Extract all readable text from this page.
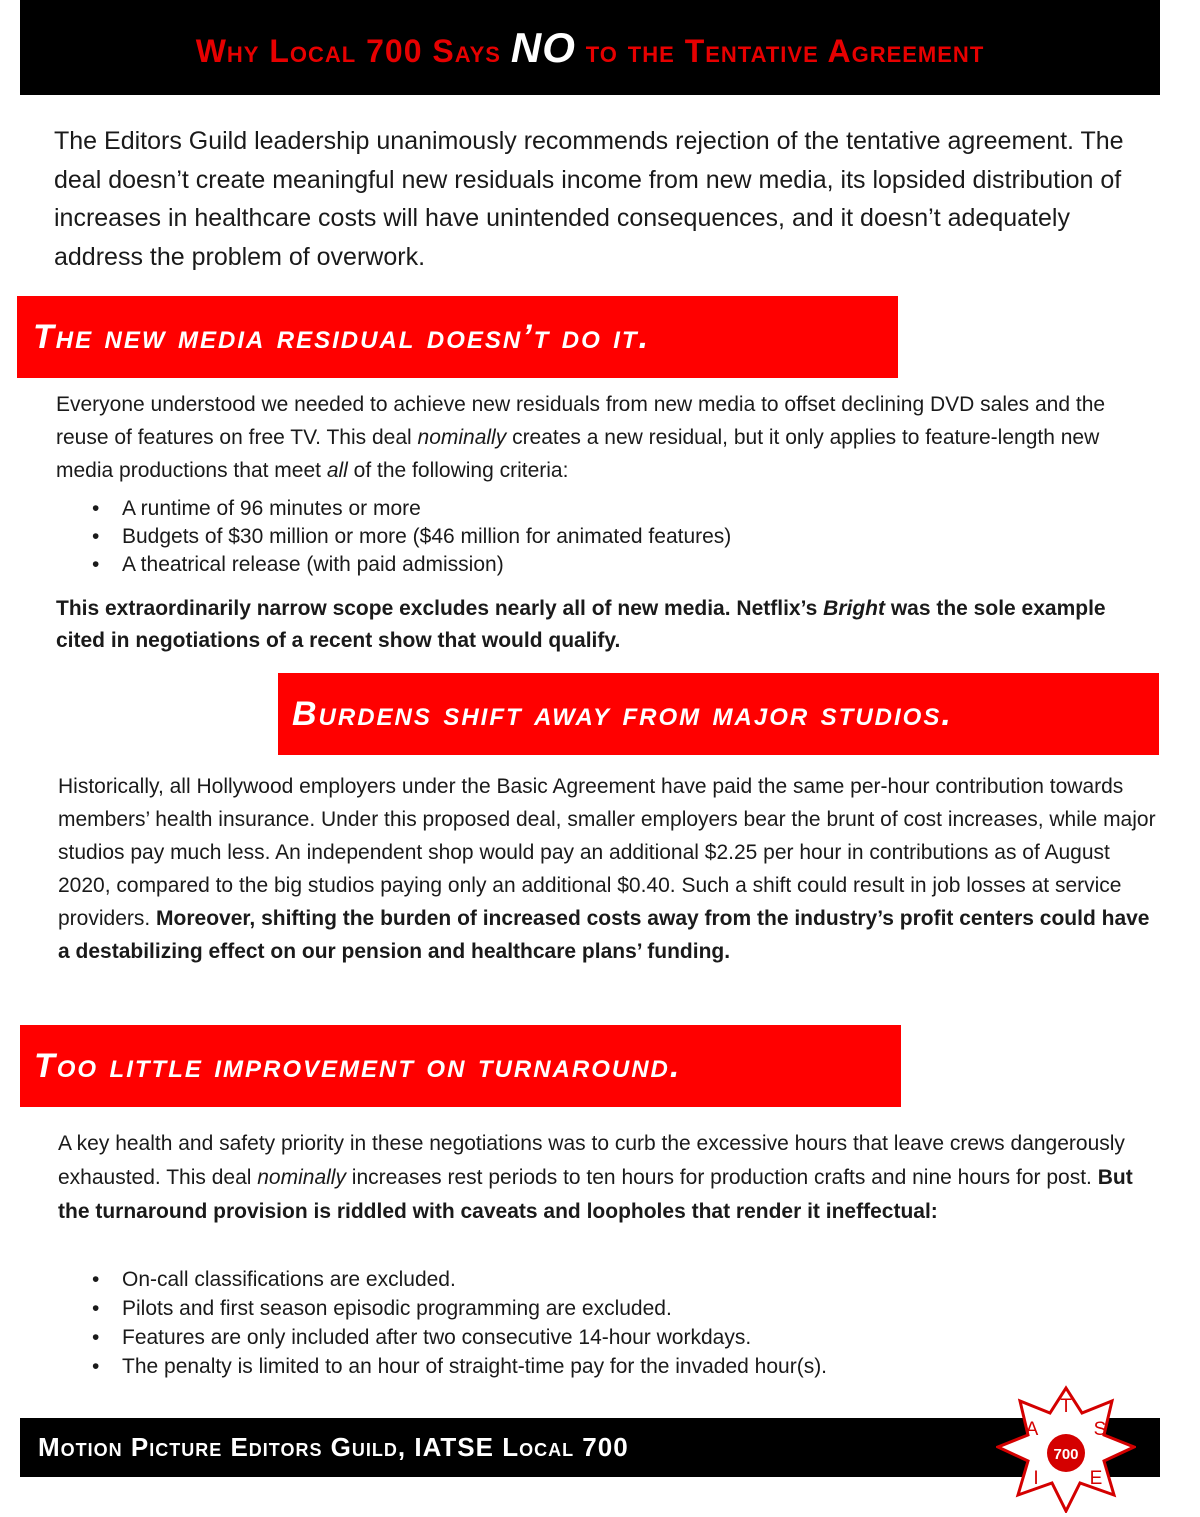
Why Local 700 Says NO to the Tentative Agreement

The Editors Guild leadership unanimously recommends rejection of the tentative agreement. The deal doesn’t create meaningful new residuals income from new media, its lopsided distribution of increases in healthcare costs will have unintended consequences, and it doesn’t adequately address the problem of overwork.

The new media residual doesn’t do it.

Everyone understood we needed to achieve new residuals from new media to offset declining DVD sales and the reuse of features on free TV. This deal nominally creates a new residual, but it only applies to feature-length new media productions that meet all of the following criteria:

• A runtime of 96 minutes or more
• Budgets of $30 million or more ($46 million for animated features)
• A theatrical release (with paid admission)

This extraordinarily narrow scope excludes nearly all of new media. Netflix’s Bright was the sole example cited in negotiations of a recent show that would qualify.

Burdens shift away from major studios.

Historically, all Hollywood employers under the Basic Agreement have paid the same per-hour contribution towards members’ health insurance. Under this proposed deal, smaller employers bear the brunt of cost increases, while major studios pay much less. An independent shop would pay an additional $2.25 per hour in contributions as of August 2020, compared to the big studios paying only an additional $0.40. Such a shift could result in job losses at service providers. Moreover, shifting the burden of increased costs away from the industry’s profit centers could have a destabilizing effect on our pension and healthcare plans’ funding.

Too little improvement on turnaround.

A key health and safety priority in these negotiations was to curb the excessive hours that leave crews dangerously exhausted. This deal nominally increases rest periods to ten hours for production crafts and nine hours for post. But the turnaround provision is riddled with caveats and loopholes that render it ineffectual:

• On-call classifications are excluded.
• Pilots and first season episodic programming are excluded.
• Features are only included after two consecutive 14-hour workdays.
• The penalty is limited to an hour of straight-time pay for the invaded hour(s).

Motion Picture Editors Guild, IATSE Local 700

T
S
E
A
I
700
